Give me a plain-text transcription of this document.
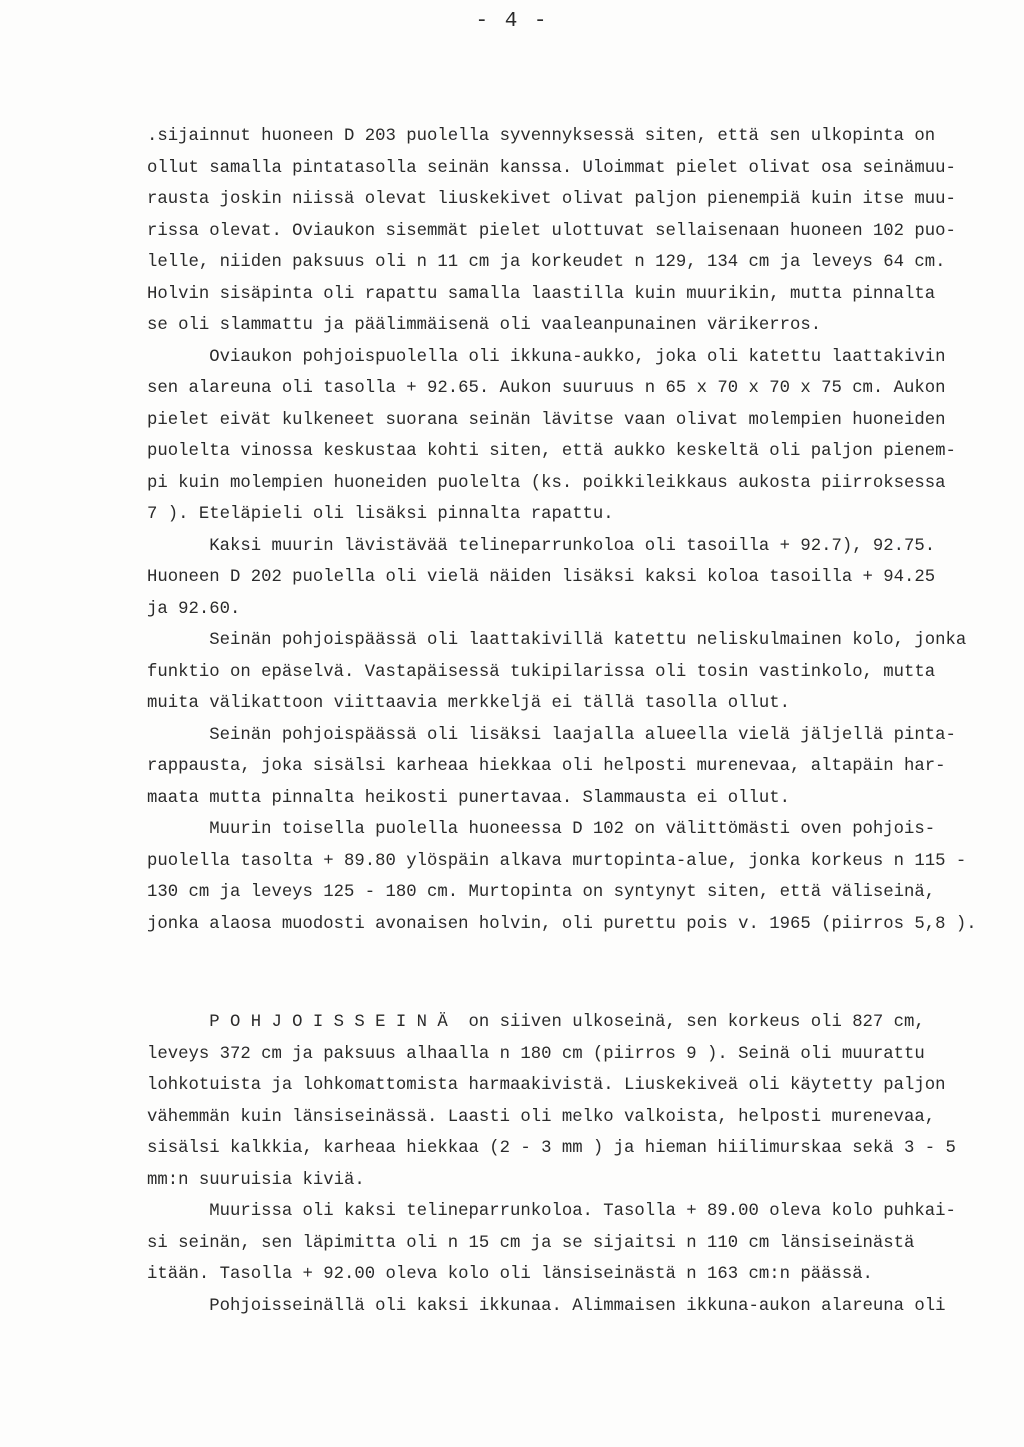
- 4 -
.sijainnut huoneen D 203 puolella syvennyksessä siten, että sen ulkopinta on
ollut samalla pintatasolla seinän kanssa. Uloimmat pielet olivat osa seinämuu-
rausta joskin niissä olevat liuskekivet olivat paljon pienempiä kuin itse muu-
rissa olevat. Oviaukon sisemmät pielet ulottuvat sellaisenaan huoneen 102 puo-
lelle, niiden paksuus oli n 11 cm ja korkeudet n 129, 134 cm ja leveys 64 cm.
Holvin sisäpinta oli rapattu samalla laastilla kuin muurikin, mutta pinnalta
se oli slammattu ja päälimmäisenä oli vaaleanpunainen värikerros.
Oviaukon pohjoispuolella oli ikkuna-aukko, joka oli katettu laattakivin
sen alareuna oli tasolla + 92.65. Aukon suuruus n 65 x 70 x 70 x 75 cm. Aukon
pielet eivät kulkeneet suorana seinän lävitse vaan olivat molempien huoneiden
puolelta vinossa keskustaa kohti siten, että aukko keskeltä oli paljon pienem-
pi kuin molempien huoneiden puolelta (ks. poikkileikkaus aukosta piirroksessa
7 ). Eteläpieli oli lisäksi pinnalta rapattu.
Kaksi muurin lävistävää telineparrunkoloa oli tasoilla + 92.7), 92.75.
Huoneen D 202 puolella oli vielä näiden lisäksi kaksi koloa tasoilla + 94.25
ja 92.60.
Seinän pohjoispäässä oli laattakivillä katettu neliskulmainen kolo, jonka
funktio on epäselvä. Vastapäisessä tukipilarissa oli tosin vastinkolo, mutta
muita välikattoon viittaavia merkkeljä ei tällä tasolla ollut.
Seinän pohjoispäässä oli lisäksi laajalla alueella vielä jäljellä pinta-
rappausta, joka sisälsi karheaa hiekkaa oli helposti murenevaa, altapäin har-
maata mutta pinnalta heikosti punertavaa. Slammausta ei ollut.
Muurin toisella puolella huoneessa D 102 on välittömästi oven pohjois-
puolella tasolta + 89.80 ylöspäin alkava murtopinta-alue, jonka korkeus n 115 -
130 cm ja leveys 125 - 180 cm. Murtopinta on syntynyt siten, että väliseinä,
jonka alaosa muodosti avonaisen holvin, oli purettu pois v. 1965 (piirros 5,8 ).
P O H J O I S S E I N Ä  on siiven ulkoseinä, sen korkeus oli 827 cm,
leveys 372 cm ja paksuus alhaalla n 180 cm (piirros 9 ). Seinä oli muurattu
lohkotuista ja lohkomattomista harmaakivistä. Liuskekiveä oli käytetty paljon
vähemmän kuin länsiseinässä. Laasti oli melko valkoista, helposti murenevaa,
sisälsi kalkkia, karheaa hiekkaa (2 - 3 mm ) ja hieman hiilimurskaa sekä 3 - 5
mm:n suuruisia kiviä.
Muurissa oli kaksi telineparrunkoloa. Tasolla + 89.00 oleva kolo puhkai-
si seinän, sen läpimitta oli n 15 cm ja se sijaitsi n 110 cm länsiseinästä
itään. Tasolla + 92.00 oleva kolo oli länsiseinästä n 163 cm:n päässä.
Pohjoisseinällä oli kaksi ikkunaa. Alimmaisen ikkuna-aukon alareuna oli
